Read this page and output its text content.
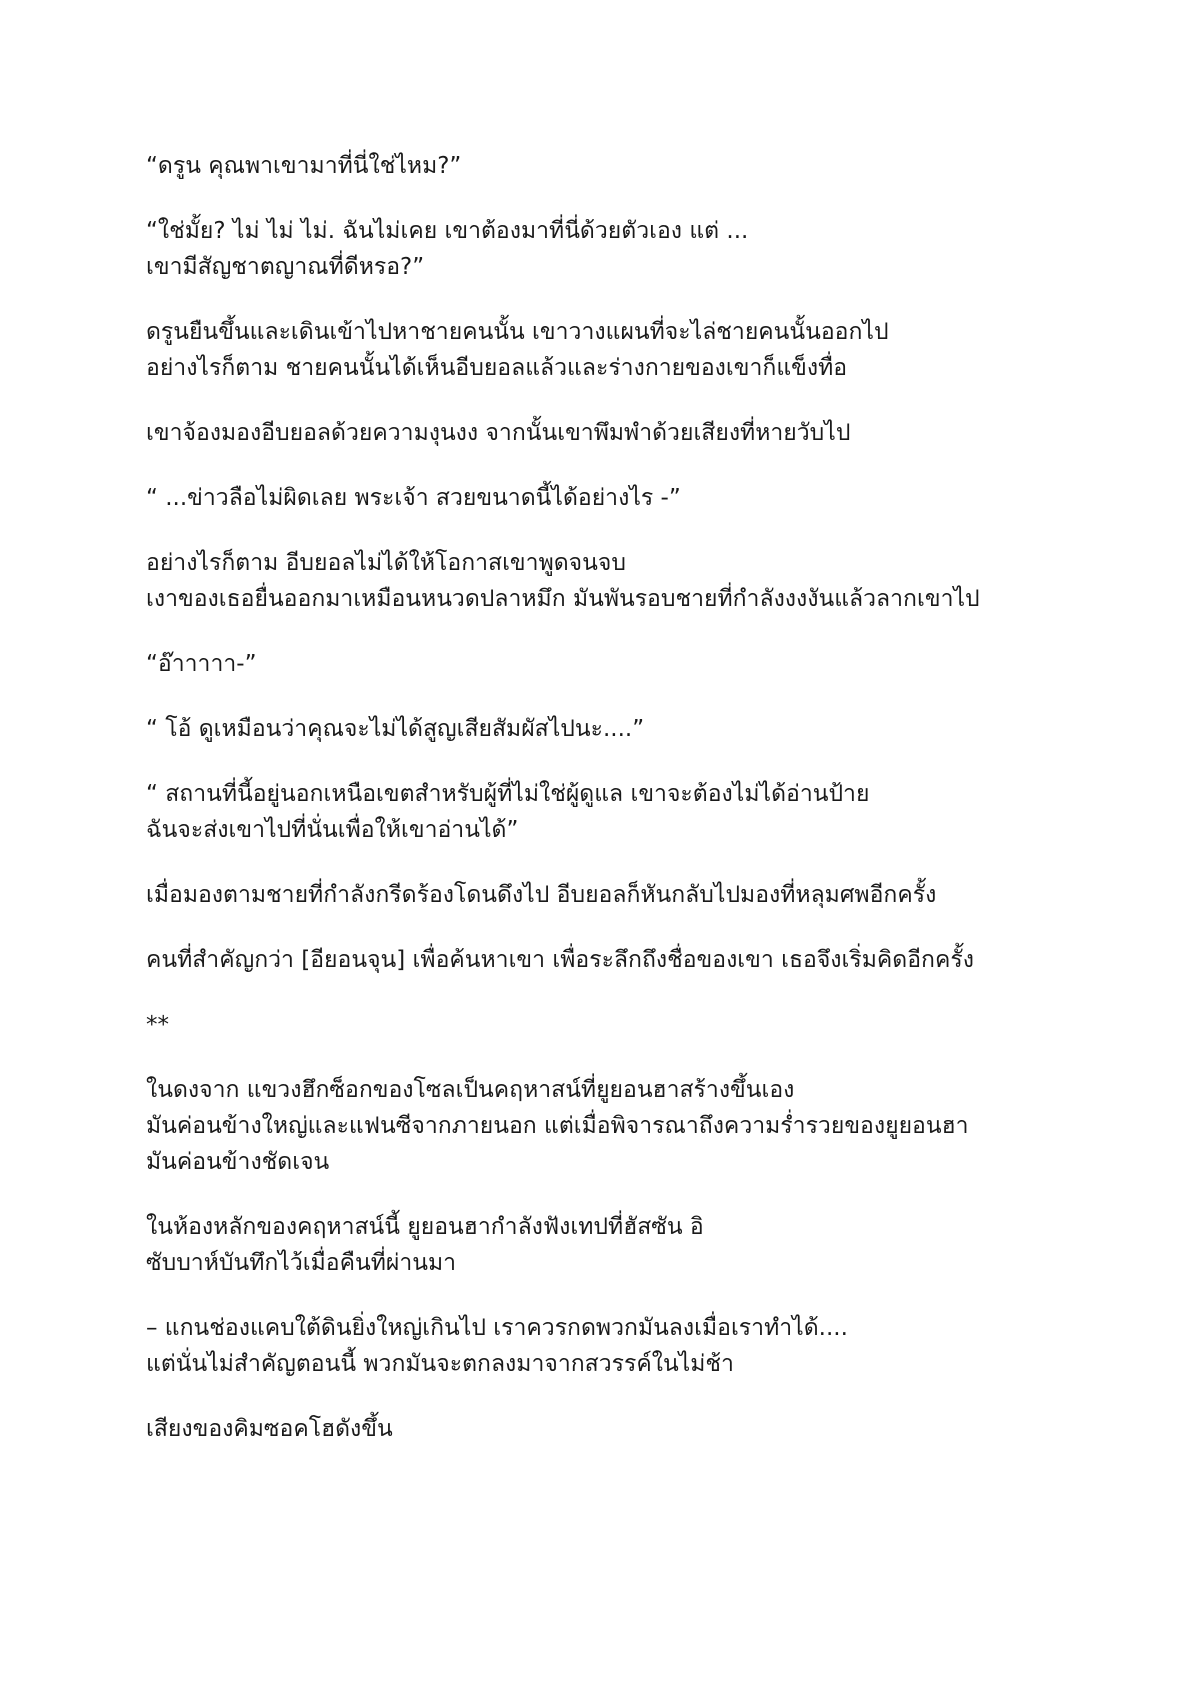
“ดรูน คุณพาเขามาที่นี่ใช่ไหม?”

“ใช่มั้ย? ไม่ ไม่ ไม่. ฉันไม่เคย เขาต้องมาที่นี่ด้วยตัวเอง แต่ ...
เขามีสัญชาตญาณที่ดีหรอ?”

ดรูนยืนขึ้นและเดินเข้าไปหาชายคนนั้น เขาวางแผนที่จะไล่ชายคนนั้นออกไป
อย่างไรก็ตาม ชายคนนั้นได้เห็นอีบยอลแล้วและร่างกายของเขาก็แข็งทื่อ

เขาจ้องมองอีบยอลด้วยความงุนงง จากนั้นเขาพึมพำด้วยเสียงที่หายวับไป

“ ...ข่าวลือไม่ผิดเลย พระเจ้า สวยขนาดนี้ได้อย่างไร -”

อย่างไรก็ตาม อีบยอลไม่ได้ให้โอกาสเขาพูดจนจบ
เงาของเธอยื่นออกมาเหมือนหนวดปลาหมึก มันพันรอบชายที่กำลังงงงันแล้วลากเขาไป

“อ๊าาาาา-”

“ โอ้ ดูเหมือนว่าคุณจะไม่ได้สูญเสียสัมผัสไปนะ....”

“ สถานที่นี้อยู่นอกเหนือเขตสำหรับผู้ที่ไม่ใช่ผู้ดูแล เขาจะต้องไม่ได้อ่านป้าย
ฉันจะส่งเขาไปที่นั่นเพื่อให้เขาอ่านได้”

เมื่อมองตามชายที่กำลังกรีดร้องโดนดึงไป อีบยอลก็หันกลับไปมองที่หลุมศพอีกครั้ง

คนที่สำคัญกว่า [อียอนจุน] เพื่อค้นหาเขา เพื่อระลึกถึงชื่อของเขา เธอจึงเริ่มคิดอีกครั้ง

**

ในดงจาก แขวงฮึกซ็อกของโซลเป็นคฤหาสน์ที่ยูยอนฮาสร้างขึ้นเอง
มันค่อนข้างใหญ่และแฟนซีจากภายนอก แต่เมื่อพิจารณาถึงความร่ำรวยของยูยอนฮา
มันค่อนข้างชัดเจน

ในห้องหลักของคฤหาสน์นี้ ยูยอนฮากำลังฟังเทปที่ฮัสซัน อิ
ซับบาห์บันทึกไว้เมื่อคืนที่ผ่านมา

– แกนช่องแคบใต้ดินยิ่งใหญ่เกินไป เราควรกดพวกมันลงเมื่อเราทำได้....
แต่นั่นไม่สำคัญตอนนี้ พวกมันจะตกลงมาจากสวรรค์ในไม่ช้า

เสียงของคิมซอคโฮดังขึ้น
